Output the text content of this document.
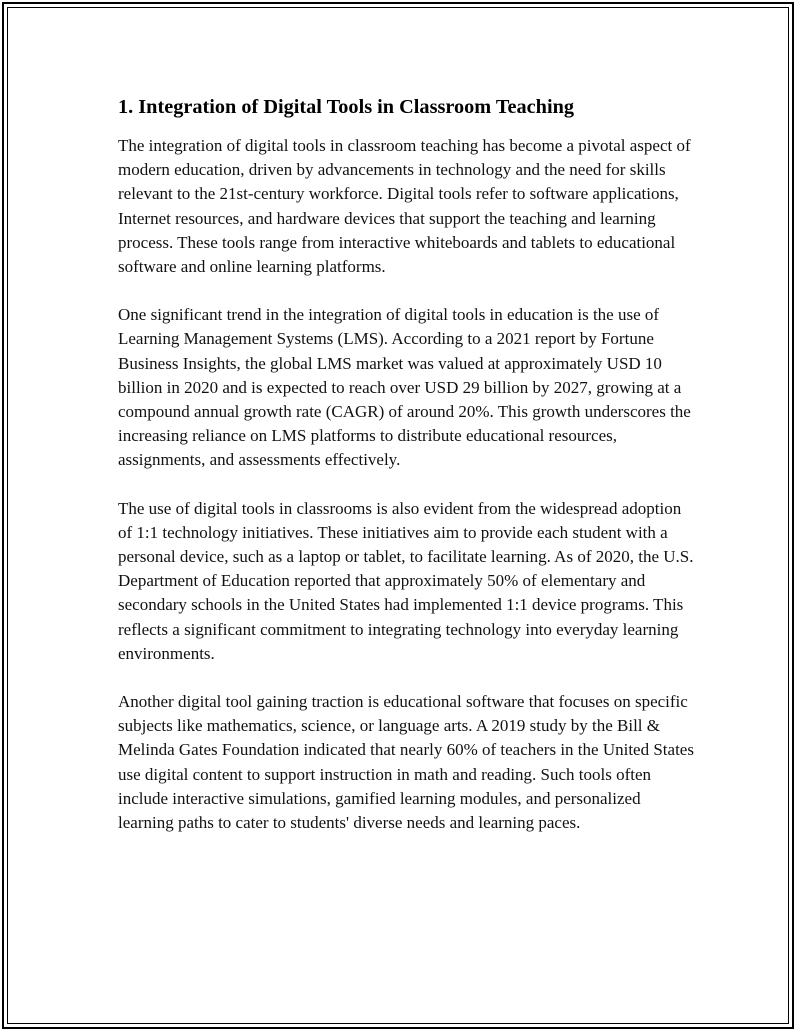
1. Integration of Digital Tools in Classroom Teaching

The integration of digital tools in classroom teaching has become a pivotal aspect of modern education, driven by advancements in technology and the need for skills relevant to the 21st-century workforce. Digital tools refer to software applications, Internet resources, and hardware devices that support the teaching and learning process. These tools range from interactive whiteboards and tablets to educational software and online learning platforms.

One significant trend in the integration of digital tools in education is the use of Learning Management Systems (LMS). According to a 2021 report by Fortune Business Insights, the global LMS market was valued at approximately USD 10 billion in 2020 and is expected to reach over USD 29 billion by 2027, growing at a compound annual growth rate (CAGR) of around 20%. This growth underscores the increasing reliance on LMS platforms to distribute educational resources, assignments, and assessments effectively.

The use of digital tools in classrooms is also evident from the widespread adoption of 1:1 technology initiatives. These initiatives aim to provide each student with a personal device, such as a laptop or tablet, to facilitate learning. As of 2020, the U.S. Department of Education reported that approximately 50% of elementary and secondary schools in the United States had implemented 1:1 device programs. This reflects a significant commitment to integrating technology into everyday learning environments.

Another digital tool gaining traction is educational software that focuses on specific subjects like mathematics, science, or language arts. A 2019 study by the Bill & Melinda Gates Foundation indicated that nearly 60% of teachers in the United States use digital content to support instruction in math and reading. Such tools often include interactive simulations, gamified learning modules, and personalized learning paths to cater to students' diverse needs and learning paces.
